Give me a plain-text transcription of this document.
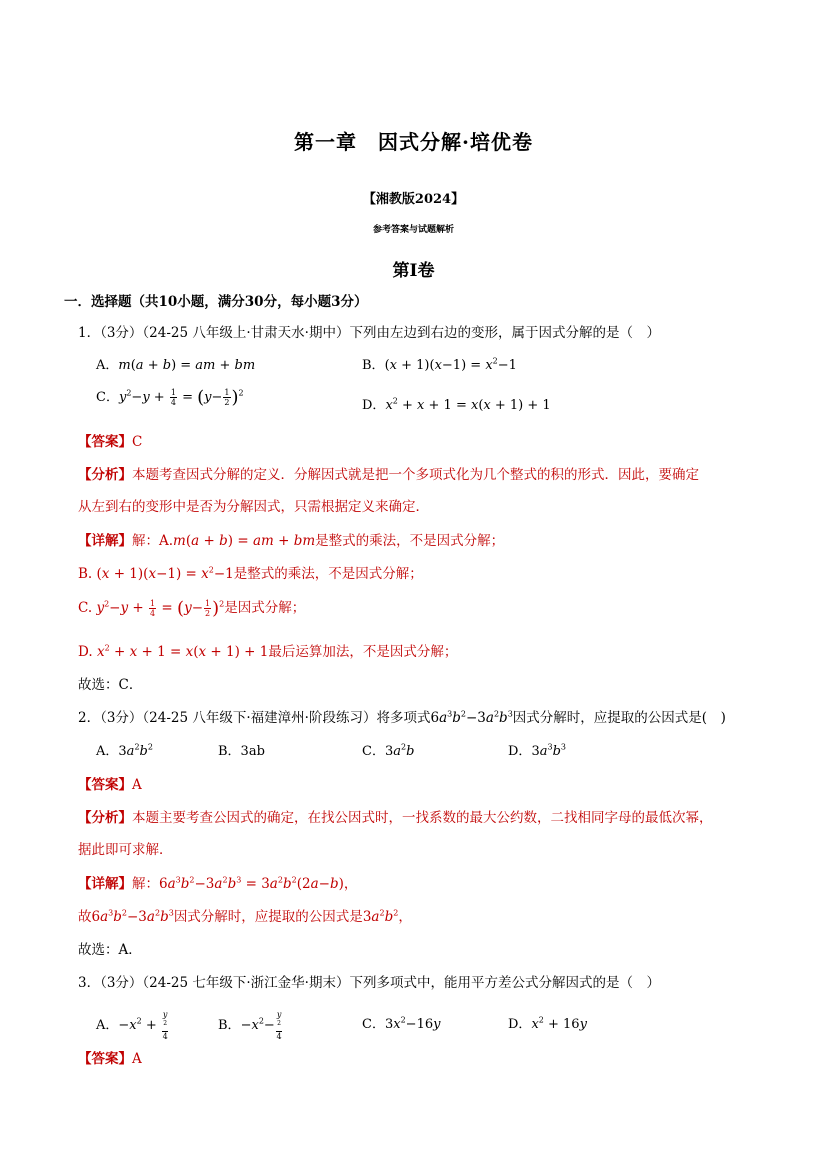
第一章　因式分解·培优卷
【湘教版2024】
参考答案与试题解析
第I卷
一．选择题（共10小题，满分30分，每小题3分）
1．（3分）（24-25 八年级上·甘肃天水·期中）下列由左边到右边的变形，属于因式分解的是（　）
A．m(a + b) = am + bm	B．$(x + 1)(x-1) = x^2-1$
C．$y^2-y + \frac{1}{4} = (y- \frac{1}{2} )^2$
D．$x^2 + x + 1 = x(x + 1) + 1$
【答案】C
【分析】本题考查因式分解的定义．分解因式就是把一个多项式化为几个整式的积的形式．因此，要确定
从左到右的变形中是否为分解因式，只需根据定义来确定．
【详解】解：A.m(a + b) = am + bm是整式的乘法，不是因式分解；
B. $(x + 1)(x-1) = x^2-1$是整式的乘法，不是因式分解；
C. $y^2-y + \frac{1}{4} = (y- \frac{1}{2} )^2$是因式分解；
D. $x^2 + x + 1 = x(x + 1) + 1$最后运算加法，不是因式分解；
故选：C．
2．（3分）（24-25 八年级下·福建漳州·阶段练习）将多项式$6a^3b^2-3a^2b^3$因式分解时，应提取的公因式是(　)
A．$3a^2b^2$	B．3ab	C．$3a^2b$	D．$3a^3b^3$
【答案】A
【分析】本题主要考查公因式的确定，在找公因式时，一找系数的最大公约数，二找相同字母的最低次幂，
据此即可求解．
【详解】解：$6a^3b^2-3a^2b^3 = 3a^2b^2(2a-b)$，
故$6a^3b^2-3a^2b^3$因式分解时，应提取的公因式是$3a^2b^2$，
故选：A．
3．（3分）（24-25 七年级下·浙江金华·期末）下列多项式中，能用平方差公式分解因式的是（　）
A．$-x^2 + y$
$^2$
4	B．$-x^2- y$
$^2$
4	C．$3x^2-16y$	D．$x^2 + 16y$
【答案】A
